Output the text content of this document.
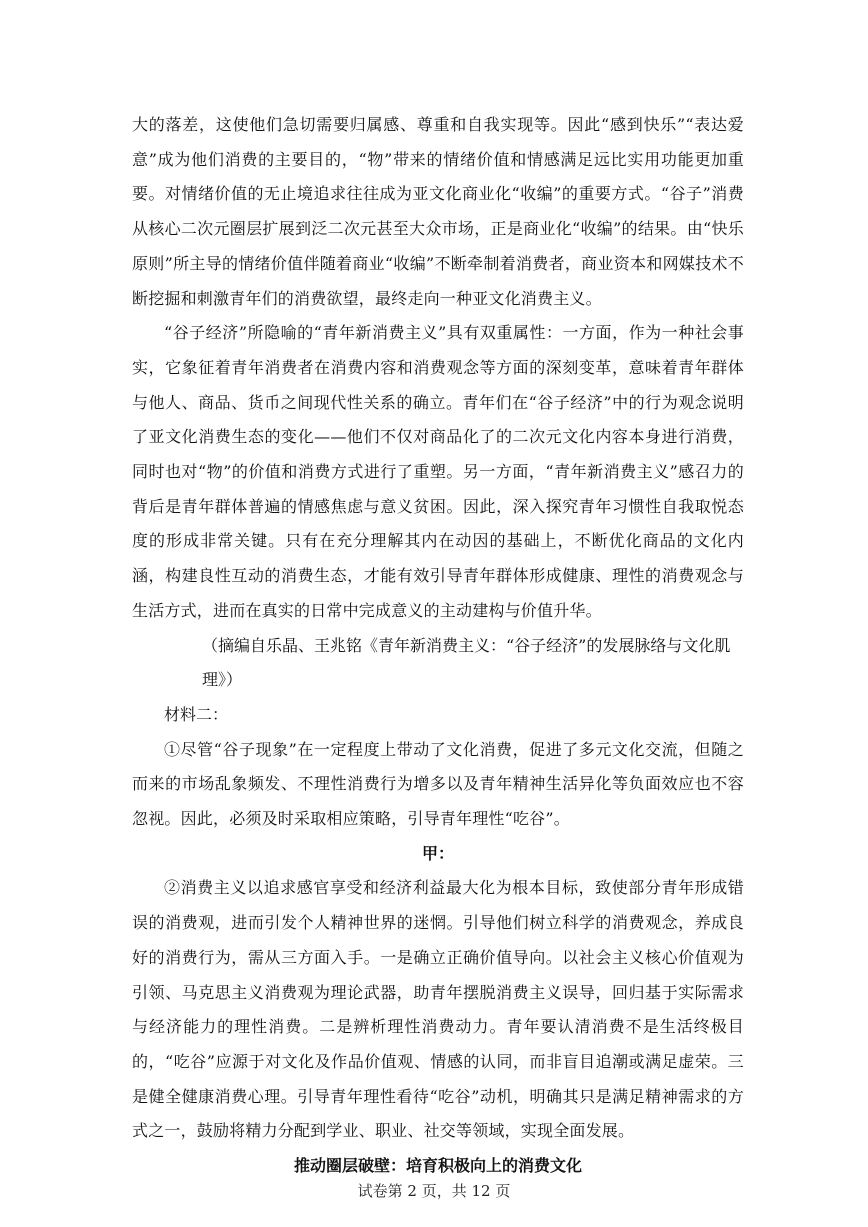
大的落差，这使他们急切需要归属感、尊重和自我实现等。因此“感到快乐”“表达爱意”成为他们消费的主要目的，“物”带来的情绪价值和情感满足远比实用功能更加重要。对情绪价值的无止境追求往往成为亚文化商业化“收编”的重要方式。“谷子”消费从核心二次元圈层扩展到泛二次元甚至大众市场，正是商业化“收编”的结果。由“快乐原则”所主导的情绪价值伴随着商业“收编”不断牵制着消费者，商业资本和网媒技术不断挖掘和刺激青年们的消费欲望，最终走向一种亚文化消费主义。

“谷子经济”所隐喻的“青年新消费主义”具有双重属性：一方面，作为一种社会事实，它象征着青年消费者在消费内容和消费观念等方面的深刻变革，意味着青年群体与他人、商品、货币之间现代性关系的确立。青年们在“谷子经济”中的行为观念说明了亚文化消费生态的变化——他们不仅对商品化了的二次元文化内容本身进行消费，同时也对“物”的价值和消费方式进行了重塑。另一方面，“青年新消费主义”感召力的背后是青年群体普遍的情感焦虑与意义贫困。因此，深入探究青年习惯性自我取悦态度的形成非常关键。只有在充分理解其内在动因的基础上，不断优化商品的文化内涵，构建良性互动的消费生态，才能有效引导青年群体形成健康、理性的消费观念与生活方式，进而在真实的日常中完成意义的主动建构与价值升华。

（摘编自乐晶、王兆铭《青年新消费主义：“谷子经济”的发展脉络与文化肌理》）

材料二：

①尽管“谷子现象”在一定程度上带动了文化消费，促进了多元文化交流，但随之而来的市场乱象频发、不理性消费行为增多以及青年精神生活异化等负面效应也不容忽视。因此，必须及时采取相应策略，引导青年理性“吃谷”。

甲：

②消费主义以追求感官享受和经济利益最大化为根本目标，致使部分青年形成错误的消费观，进而引发个人精神世界的迷惘。引导他们树立科学的消费观念，养成良好的消费行为，需从三方面入手。一是确立正确价值导向。以社会主义核心价值观为引领、马克思主义消费观为理论武器，助青年摆脱消费主义误导，回归基于实际需求与经济能力的理性消费。二是辨析理性消费动力。青年要认清消费不是生活终极目的，“吃谷”应源于对文化及作品价值观、情感的认同，而非盲目追潮或满足虚荣。三是健全健康消费心理。引导青年理性看待“吃谷”动机，明确其只是满足精神需求的方式之一，鼓励将精力分配到学业、职业、社交等领域，实现全面发展。

推动圈层破壁：培育积极向上的消费文化

试卷第 2 页，共 12 页
